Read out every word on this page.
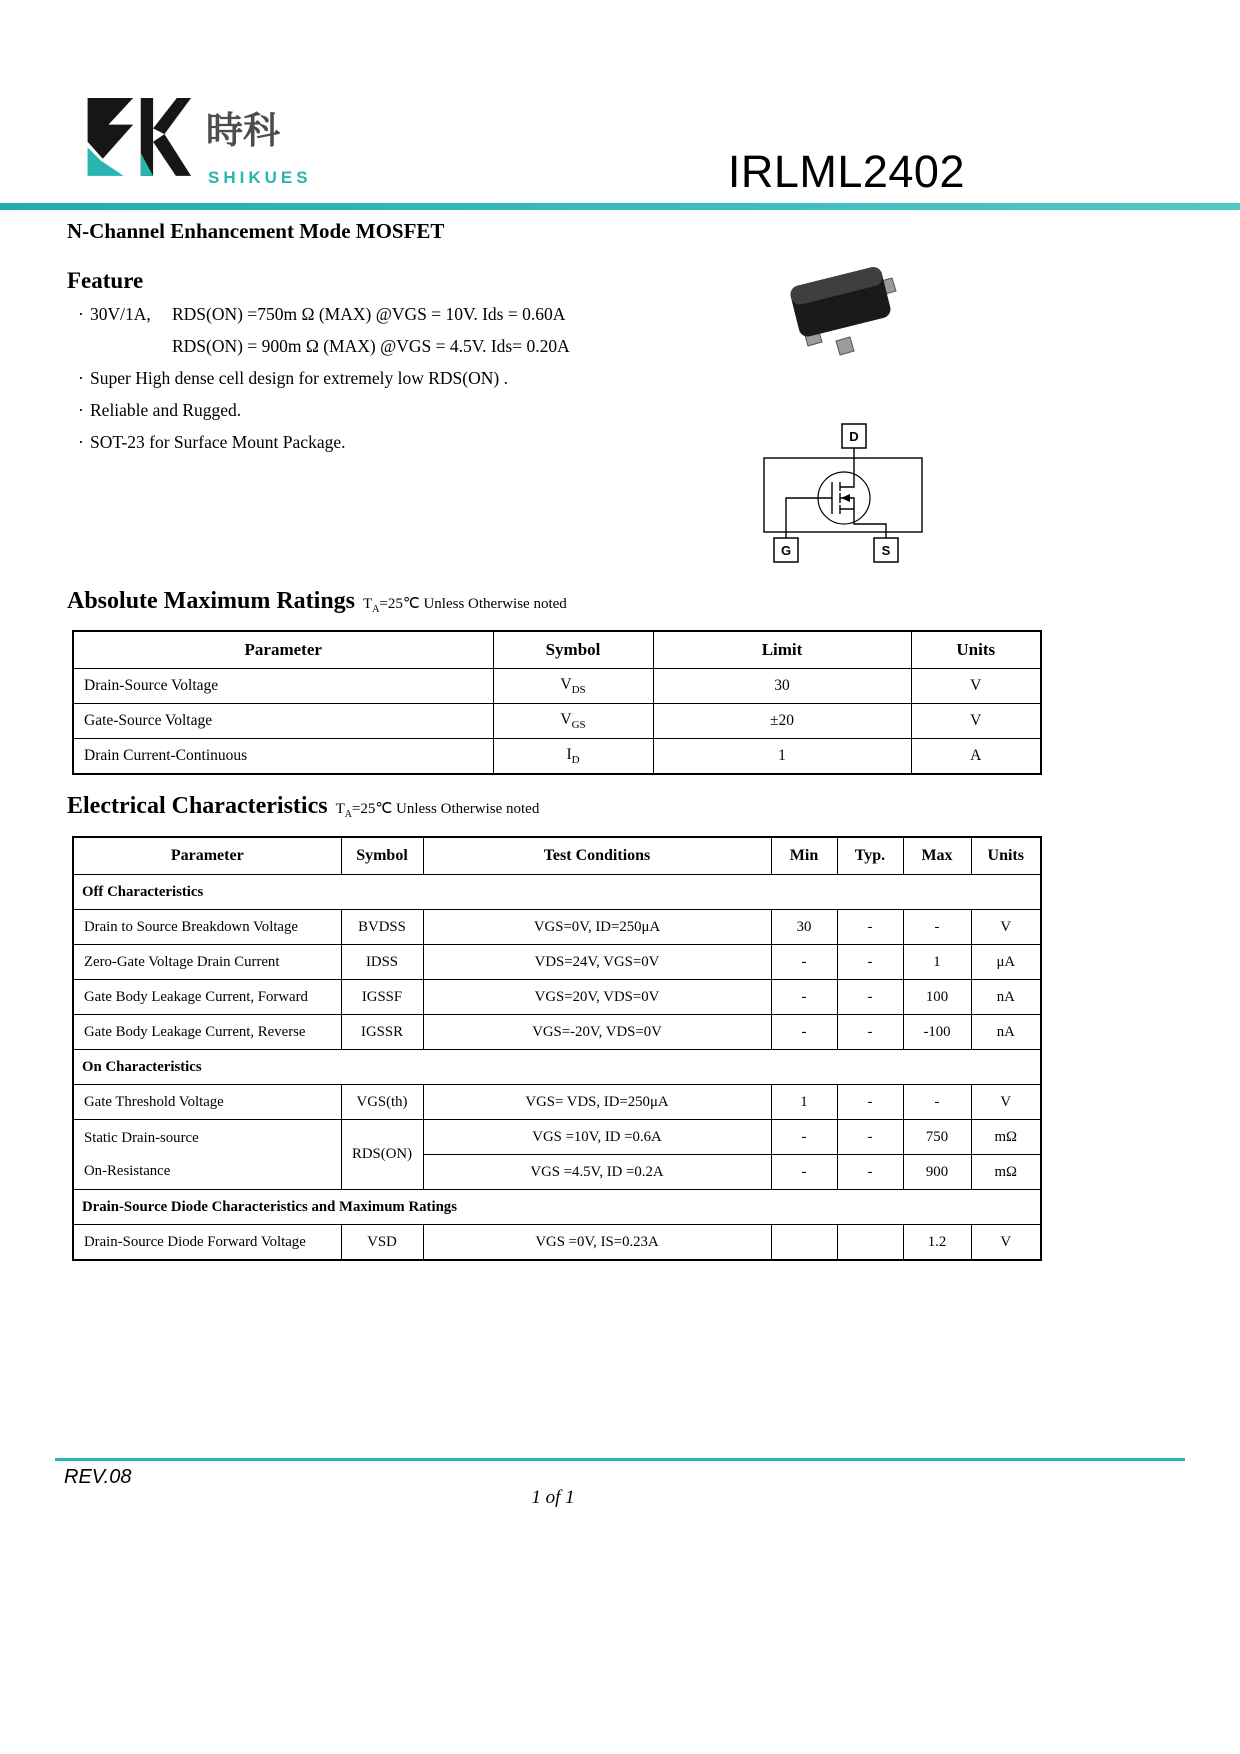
時科
SHIKUES	IRLML2402
N-Channel Enhancement Mode MOSFET
Feature
· 30V/1A, RDS(ON) =750m Ω (MAX) @VGS = 10V. Ids = 0.60A
RDS(ON) = 900m Ω (MAX) @VGS = 4.5V. Ids= 0.20A
· Super High dense cell design for extremely low RDS(ON) .
· Reliable and Rugged.
· SOT-23 for Surface Mount Package.	D
G	S
Absolute Maximum Ratings $T_A=25℃$ Unless Otherwise noted
Parameter	Symbol	Limit	Units
Drain-Source Voltage	$V_{DS}$	30	V
Gate-Source Voltage	$V_{GS}$	±20	V
Drain Current-Continuous	$I_D$	1	A
Electrical Characteristics $T_A=25℃$ Unless Otherwise noted
Parameter	Symbol	Test Conditions	Min	Typ.	Max	Units
Off Characteristics						
Drain to Source Breakdown Voltage	BVDSS	VGS=0V, ID=250μA	30	-	-	V
Zero-Gate Voltage Drain Current	IDSS	VDS=24V, VGS=0V	-	-	1	μA
Gate Body Leakage Current, Forward	IGSSF	VGS=20V, VDS=0V	-	-	100	nA
Gate Body Leakage Current, Reverse	IGSSR	VGS=-20V, VDS=0V	-	-	-100	nA
On Characteristics						
Gate Threshold Voltage	VGS(th)	VGS= VDS, ID=250μA	1	-	-	V

Static Drain-source
On-Resistance	RDS(ON)	VGS =10V, ID =0.6A	-	-	750	mΩ
		VGS =4.5V, ID =0.2A	-	-	900	mΩ
Drain-Source Diode Characteristics and Maximum Ratings						
Drain-Source Diode Forward Voltage	VSD	VGS =0V, IS=0.23A			1.2	V
REV.08
1 of 1
